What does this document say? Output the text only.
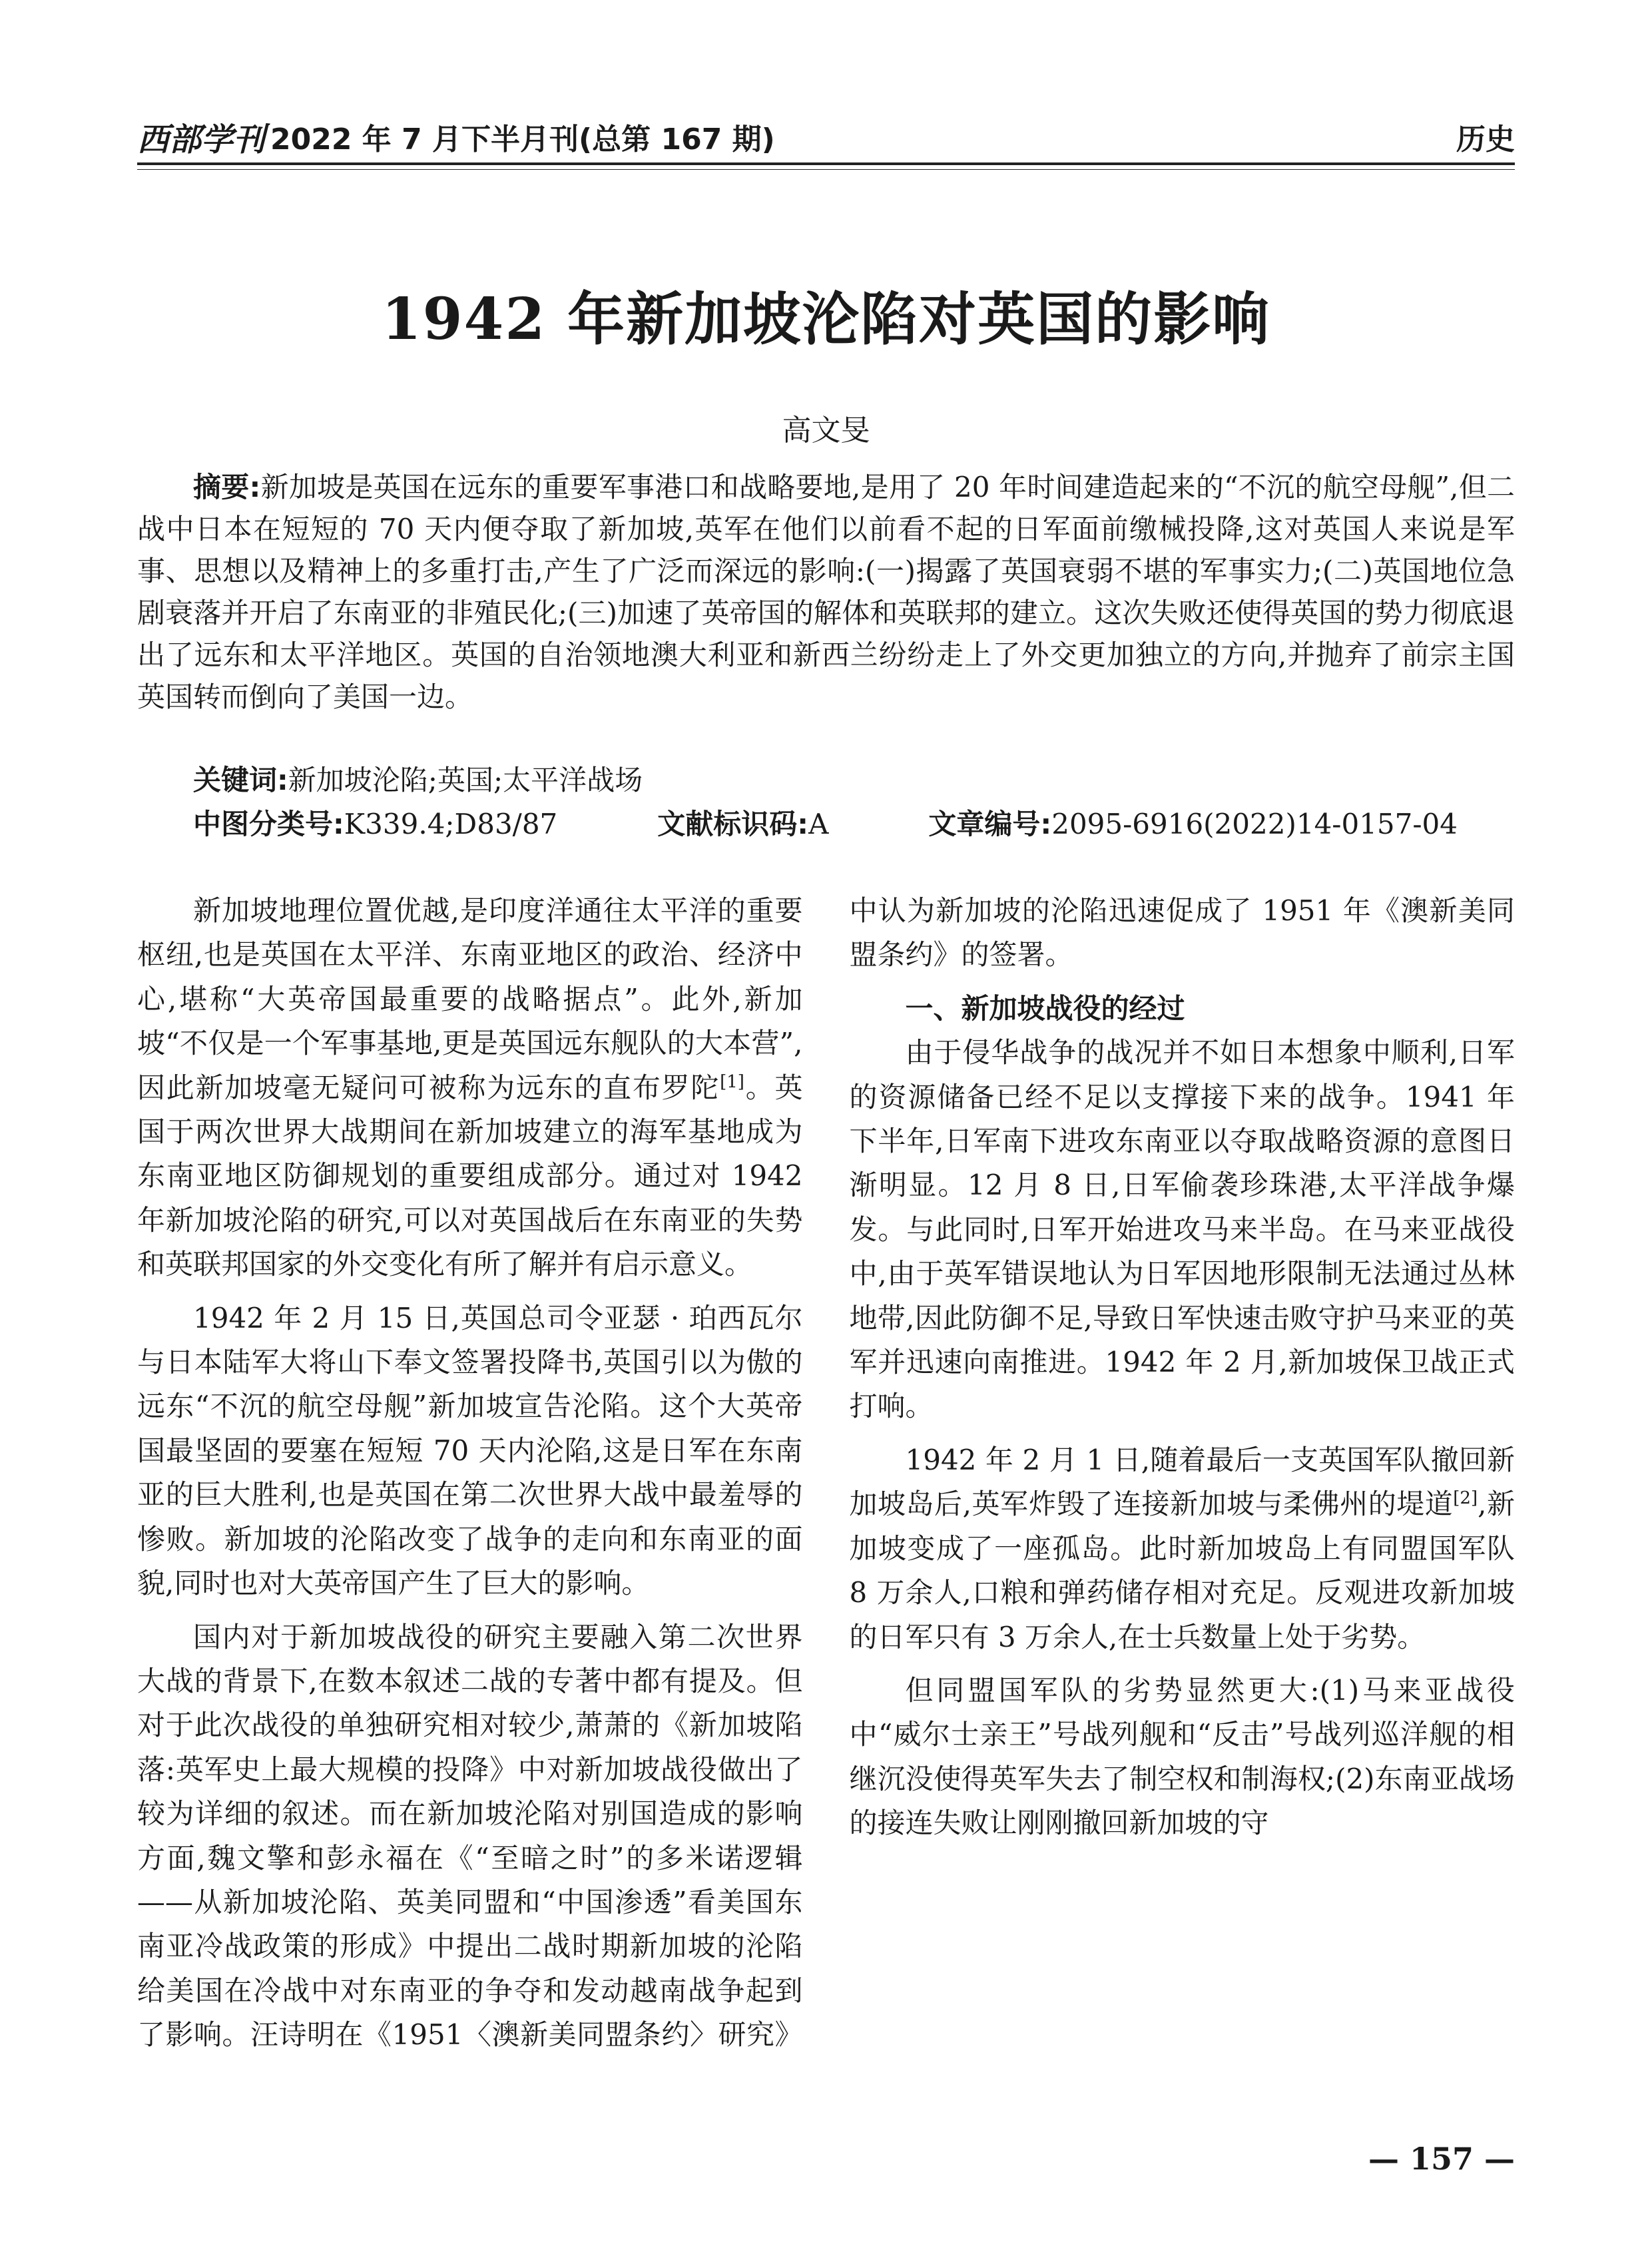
西部学刊 2022 年 7 月下半月刊(总第 167 期)	历史
1942 年新加坡沦陷对英国的影响
高文旻
摘要:新加坡是英国在远东的重要军事港口和战略要地,是用了 20 年时间建造起来的“不沉的航空母舰”,但二战中日本在短短的 70 天内便夺取了新加坡,英军在他们以前看不起的日军面前缴械投降,这对英国人来说是军事、思想以及精神上的多重打击,产生了广泛而深远的影响:(一)揭露了英国衰弱不堪的军事实力;(二)英国地位急剧衰落并开启了东南亚的非殖民化;(三)加速了英帝国的解体和英联邦的建立。这次失败还使得英国的势力彻底退出了远东和太平洋地区。英国的自治领地澳大利亚和新西兰纷纷走上了外交更加独立的方向,并抛弃了前宗主国英国转而倒向了美国一边。
关键词:新加坡沦陷;英国;太平洋战场
中图分类号:K339.4;D83/87	文献标识码:A	文章编号:2095-6916(2022)14-0157-04

新加坡地理位置优越,是印度洋通往太平洋的重要枢纽,也是英国在太平洋、东南亚地区的政治、经济中心,堪称“大英帝国最重要的战略据点”。此外,新加坡“不仅是一个军事基地,更是英国远东舰队的大本营”,因此新加坡毫无疑问可被称为远东的直布罗陀[1]。英国于两次世界大战期间在新加坡建立的海军基地成为东南亚地区防御规划的重要组成部分。通过对 1942 年新加坡沦陷的研究,可以对英国战后在东南亚的失势和英联邦国家的外交变化有所了解并有启示意义。

1942 年 2 月 15 日,英国总司令亚瑟 · 珀西瓦尔与日本陆军大将山下奉文签署投降书,英国引以为傲的远东“不沉的航空母舰”新加坡宣告沦陷。这个大英帝国最坚固的要塞在短短 70 天内沦陷,这是日军在东南亚的巨大胜利,也是英国在第二次世界大战中最羞辱的惨败。新加坡的沦陷改变了战争的走向和东南亚的面貌,同时也对大英帝国产生了巨大的影响。

国内对于新加坡战役的研究主要融入第二次世界大战的背景下,在数本叙述二战的专著中都有提及。但对于此次战役的单独研究相对较少,萧萧的《新加坡陷落:英军史上最大规模的投降》中对新加坡战役做出了较为详细的叙述。而在新加坡沦陷对别国造成的影响方面,魏文擎和彭永福在《“至暗之时”的多米诺逻辑——从新加坡沦陷、英美同盟和“中国渗透”看美国东南亚冷战政策的形成》中提出二战时期新加坡的沦陷给美国在冷战中对东南亚的争夺和发动越南战争起到了影响。汪诗明在《1951〈澳新美同盟条约〉研究》中认为新加坡的沦陷迅速促成了 1951 年《澳新美同盟条约》的签署。

一、新加坡战役的经过

由于侵华战争的战况并不如日本想象中顺利,日军的资源储备已经不足以支撑接下来的战争。1941 年下半年,日军南下进攻东南亚以夺取战略资源的意图日渐明显。12 月 8 日,日军偷袭珍珠港,太平洋战争爆发。与此同时,日军开始进攻马来半岛。在马来亚战役中,由于英军错误地认为日军因地形限制无法通过丛林地带,因此防御不足,导致日军快速击败守护马来亚的英军并迅速向南推进。1942 年 2 月,新加坡保卫战正式打响。

1942 年 2 月 1 日,随着最后一支英国军队撤回新加坡岛后,英军炸毁了连接新加坡与柔佛州的堤道[2],新加坡变成了一座孤岛。此时新加坡岛上有同盟国军队 8 万余人,口粮和弹药储存相对充足。反观进攻新加坡的日军只有 3 万余人,在士兵数量上处于劣势。

但同盟国军队的劣势显然更大:(1)马来亚战役中“威尔士亲王”号战列舰和“反击”号战列巡洋舰的相继沉没使得英军失去了制空权和制海权;(2)东南亚战场的接连失败让刚刚撤回新加坡的守

— 157 —
